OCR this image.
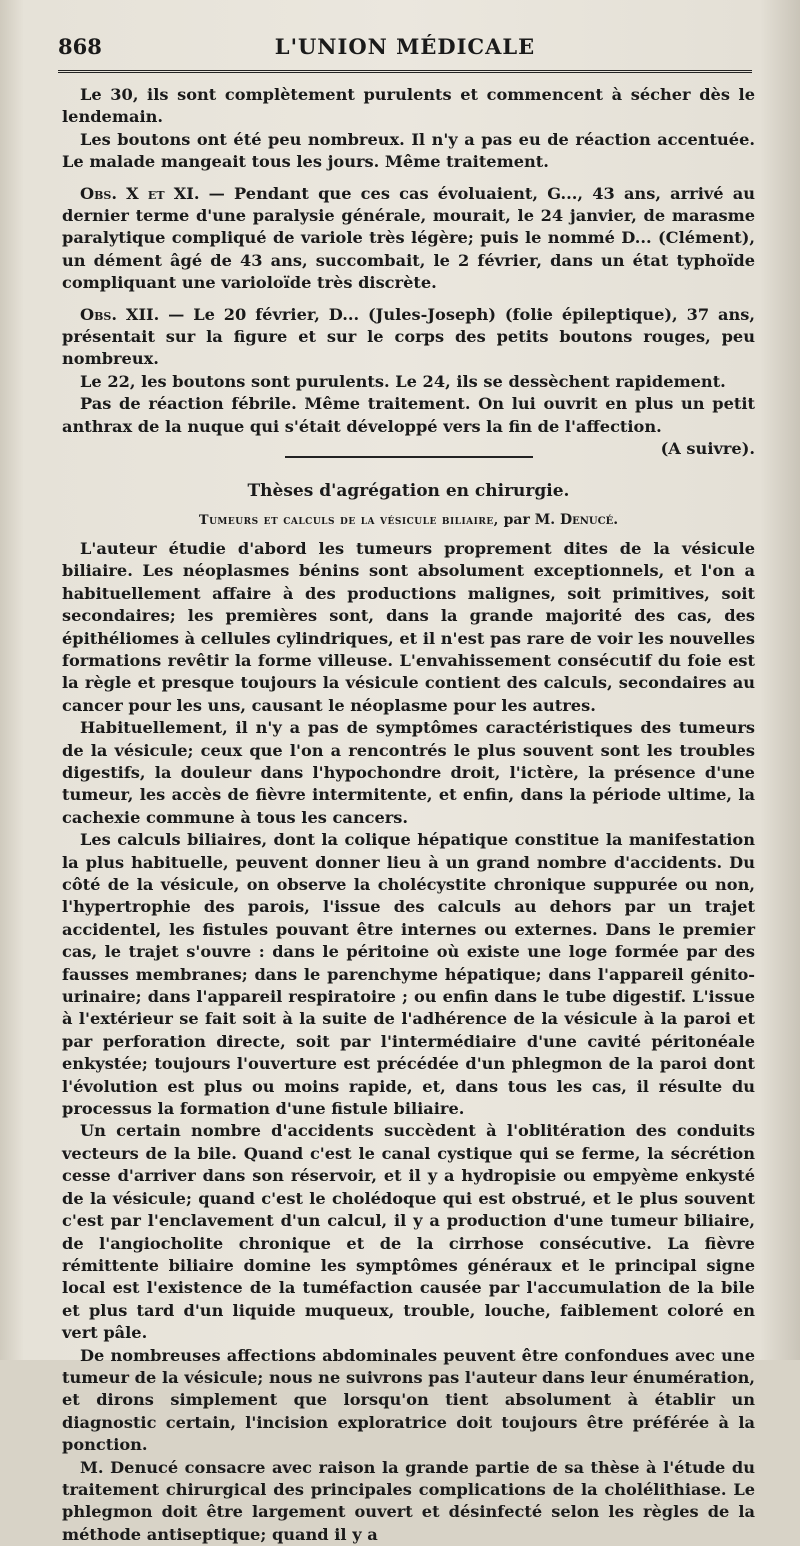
868	L'UNION MÉDICALE

Le 30, ils sont complètement purulents et commencent à sécher dès le lendemain.

Les boutons ont été peu nombreux. Il n'y a pas eu de réaction accentuée. Le malade mangeait tous les jours. Même traitement.

Obs. X et XI. — Pendant que ces cas évoluaient, G..., 43 ans, arrivé au dernier terme d'une paralysie générale, mourait, le 24 janvier, de marasme paralytique compliqué de variole très légère; puis le nommé D... (Clément), un dément âgé de 43 ans, succombait, le 2 février, dans un état typhoïde compliquant une varioloïde très discrète.

Obs. XII. — Le 20 février, D... (Jules-Joseph) (folie épileptique), 37 ans, présentait sur la figure et sur le corps des petits boutons rouges, peu nombreux.

Le 22, les boutons sont purulents. Le 24, ils se dessèchent rapidement.

Pas de réaction fébrile. Même traitement. On lui ouvrit en plus un petit anthrax de la nuque qui s'était développé vers la fin de l'affection.
(A suivre).

Thèses d'agrégation en chirurgie.
Tumeurs et calculs de la vésicule biliaire, par M. Denucé.

L'auteur étudie d'abord les tumeurs proprement dites de la vésicule biliaire. Les néoplasmes bénins sont absolument exceptionnels, et l'on a habituellement affaire à des productions malignes, soit primitives, soit secondaires; les premières sont, dans la grande majorité des cas, des épithéliomes à cellules cylindriques, et il n'est pas rare de voir les nouvelles formations revêtir la forme villeuse. L'envahissement consécutif du foie est la règle et presque toujours la vésicule contient des calculs, secondaires au cancer pour les uns, causant le néoplasme pour les autres.

Habituellement, il n'y a pas de symptômes caractéristiques des tumeurs de la vésicule; ceux que l'on a rencontrés le plus souvent sont les troubles digestifs, la douleur dans l'hypochondre droit, l'ictère, la présence d'une tumeur, les accès de fièvre intermitente, et enfin, dans la période ultime, la cachexie commune à tous les cancers.

Les calculs biliaires, dont la colique hépatique constitue la manifestation la plus habituelle, peuvent donner lieu à un grand nombre d'accidents. Du côté de la vésicule, on observe la cholécystite chronique suppurée ou non, l'hypertrophie des parois, l'issue des calculs au dehors par un trajet accidentel, les fistules pouvant être internes ou externes. Dans le premier cas, le trajet s'ouvre : dans le péritoine où existe une loge formée par des fausses membranes; dans le parenchyme hépatique; dans l'appareil génito-urinaire; dans l'appareil respiratoire ; ou enfin dans le tube digestif. L'issue à l'extérieur se fait soit à la suite de l'adhérence de la vésicule à la paroi et par perforation directe, soit par l'intermédiaire d'une cavité péritonéale enkystée; toujours l'ouverture est précédée d'un phlegmon de la paroi dont l'évolution est plus ou moins rapide, et, dans tous les cas, il résulte du processus la formation d'une fistule biliaire.

Un certain nombre d'accidents succèdent à l'oblitération des conduits vecteurs de la bile. Quand c'est le canal cystique qui se ferme, la sécrétion cesse d'arriver dans son réservoir, et il y a hydropisie ou empyème enkysté de la vésicule; quand c'est le cholédoque qui est obstrué, et le plus souvent c'est par l'enclavement d'un calcul, il y a production d'une tumeur biliaire, de l'angiocholite chronique et de la cirrhose consécutive. La fièvre rémittente biliaire domine les symptômes généraux et le principal signe local est l'existence de la tuméfaction causée par l'accumulation de la bile et plus tard d'un liquide muqueux, trouble, louche, faiblement coloré en vert pâle.

De nombreuses affections abdominales peuvent être confondues avec une tumeur de la vésicule; nous ne suivrons pas l'auteur dans leur énumération, et dirons simplement que lorsqu'on tient absolument à établir un diagnostic certain, l'incision exploratrice doit toujours être préférée à la ponction.

M. Denucé consacre avec raison la grande partie de sa thèse à l'étude du traitement chirurgical des principales complications de la cholélithiase. Le phlegmon doit être largement ouvert et désinfecté selon les règles de la méthode antiseptique; quand il y a
